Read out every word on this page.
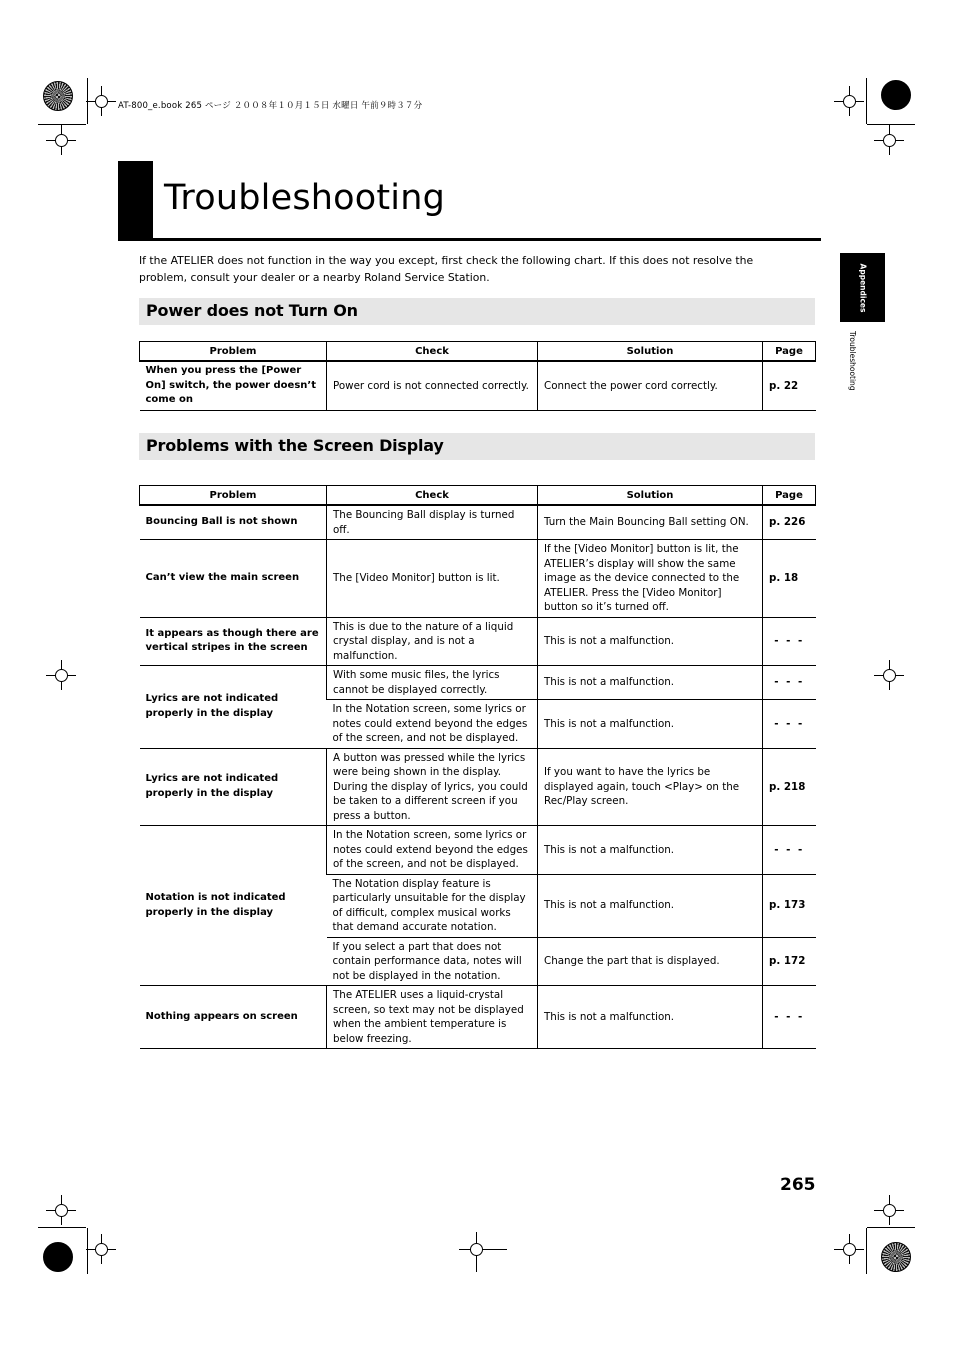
AT-800_e.book 265 ページ ２００８年１０月１５日 水曜日 午前９時３７分
Troubleshooting
Appendices
Troubleshooting
If the ATELIER does not function in the way you except, first check the following chart. If this does not resolve the problem, consult your dealer or a nearby Roland Service Station.
Power does not Turn On
Problem	Check	Solution	Page
When you press the [Power On] switch, the power doesn’t come on	Power cord is not connected correctly.	Connect the power cord correctly.	p. 22
Problems with the Screen Display
Problem	Check	Solution	Page
Bouncing Ball is not shown	The Bouncing Ball display is turned off.	Turn the Main Bouncing Ball setting ON.	p. 226
Can’t view the main screen	The [Video Monitor] button is lit.	If the [Video Monitor] button is lit, the ATELIER’s display will show the same image as the device connected to the ATELIER. Press the [Video Monitor] button so it’s turned off.	p. 18
It appears as though there are vertical stripes in the screen	This is due to the nature of a liquid crystal display, and is not a malfunction.	This is not a malfunction.	- - -
Lyrics are not indicated properly in the display	With some music files, the lyrics cannot be displayed correctly.	This is not a malfunction.	- - -
	In the Notation screen, some lyrics or notes could extend beyond the edges of the screen, and not be displayed.	This is not a malfunction.	- - -
Lyrics are not indicated properly in the display	A button was pressed while the lyrics were being shown in the display. During the display of lyrics, you could be taken to a different screen if you press a button.	If you want to have the lyrics be displayed again, touch <Play> on the Rec/Play screen.	p. 218
Notation is not indicated properly in the display	In the Notation screen, some lyrics or notes could extend beyond the edges of the screen, and not be displayed.	This is not a malfunction.	- - -
	The Notation display feature is particularly unsuitable for the display of difficult, complex musical works that demand accurate notation.	This is not a malfunction.	p. 173
	If you select a part that does not contain performance data, notes will not be displayed in the notation.	Change the part that is displayed.	p. 172
Nothing appears on screen	The ATELIER uses a liquid-crystal screen, so text may not be displayed when the ambient temperature is below freezing.	This is not a malfunction.	- - -
265
